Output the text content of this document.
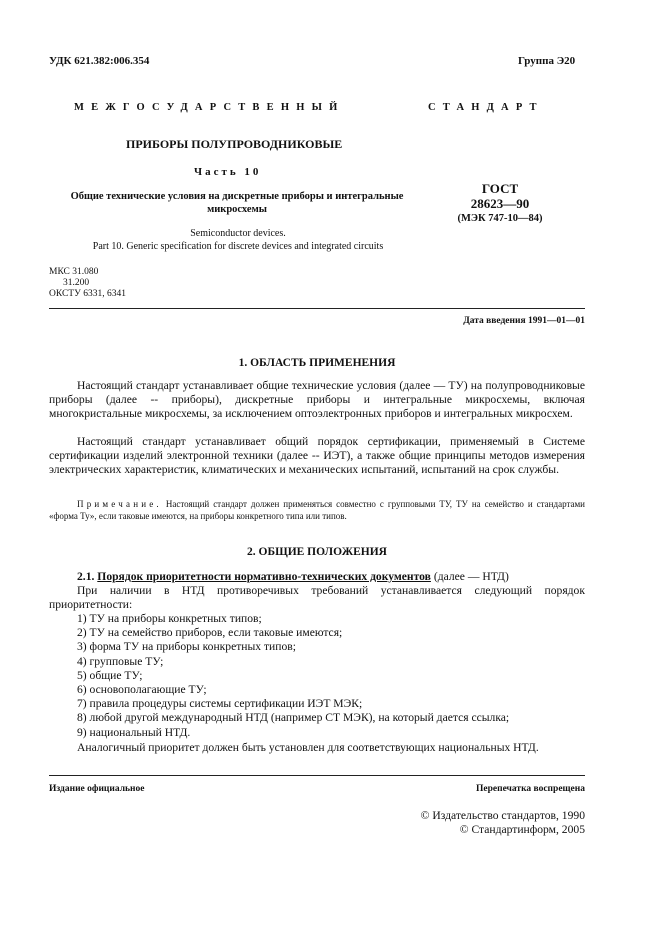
УДК 621.382:006.354	Группа Э20
МЕЖГОСУДАРСТВЕННЫЙ	СТАНДАРТ
ПРИБОРЫ ПОЛУПРОВОДНИКОВЫЕ
Часть 10
Общие технические условия на дискретные приборы и интегральные
микросхемы
Semiconductor devices.
Part 10. Generic specification for discrete devices and integrated circuits
ГОСТ
28623—90
(МЭК 747-10—84)
МКС 31.080
31.200
ОКСТУ 6331, 6341
Дата введения 1991—01—01
1. ОБЛАСТЬ ПРИМЕНЕНИЯ
Настоящий стандарт устанавливает общие технические условия (далее — ТУ) на полупроводниковые приборы (далее -- приборы), дискретные приборы и интегральные микросхемы, включая многокристальные микросхемы, за исключением оптоэлектронных приборов и интегральных микросхем.
Настоящий стандарт устанавливает общий порядок сертификации, применяемый в Системе сертификации изделий электронной техники (далее -- ИЭТ), а также общие принципы методов измерения электрических характеристик, климатических и механических испытаний, испытаний на срок службы.
Примечание. Настоящий стандарт должен применяться совместно с групповыми ТУ, ТУ на семейство и стандартами «форма Ту», если таковые имеются, на приборы конкретного типа или типов.
2. ОБЩИЕ ПОЛОЖЕНИЯ
2.1. Порядок приоритетности нормативно-технических документов (далее — НТД)
При наличии в НТД противоречивых требований устанавливается следующий порядок приоритетности:
1) ТУ на приборы конкретных типов;
2) ТУ на семейство приборов, если таковые имеются;
3) форма ТУ на приборы конкретных типов;
4) групповые ТУ;
5) общие ТУ;
6) основополагающие ТУ;
7) правила процедуры системы сертификации ИЭТ МЭК;
8) любой другой международный НТД (например СТ МЭК), на который дается ссылка;
9) национальный НТД.
Аналогичный приоритет должен быть установлен для соответствующих национальных НТД.
Издание официальное	Перепечатка воспрещена
© Издательство стандартов, 1990
© Стандартинформ, 2005
